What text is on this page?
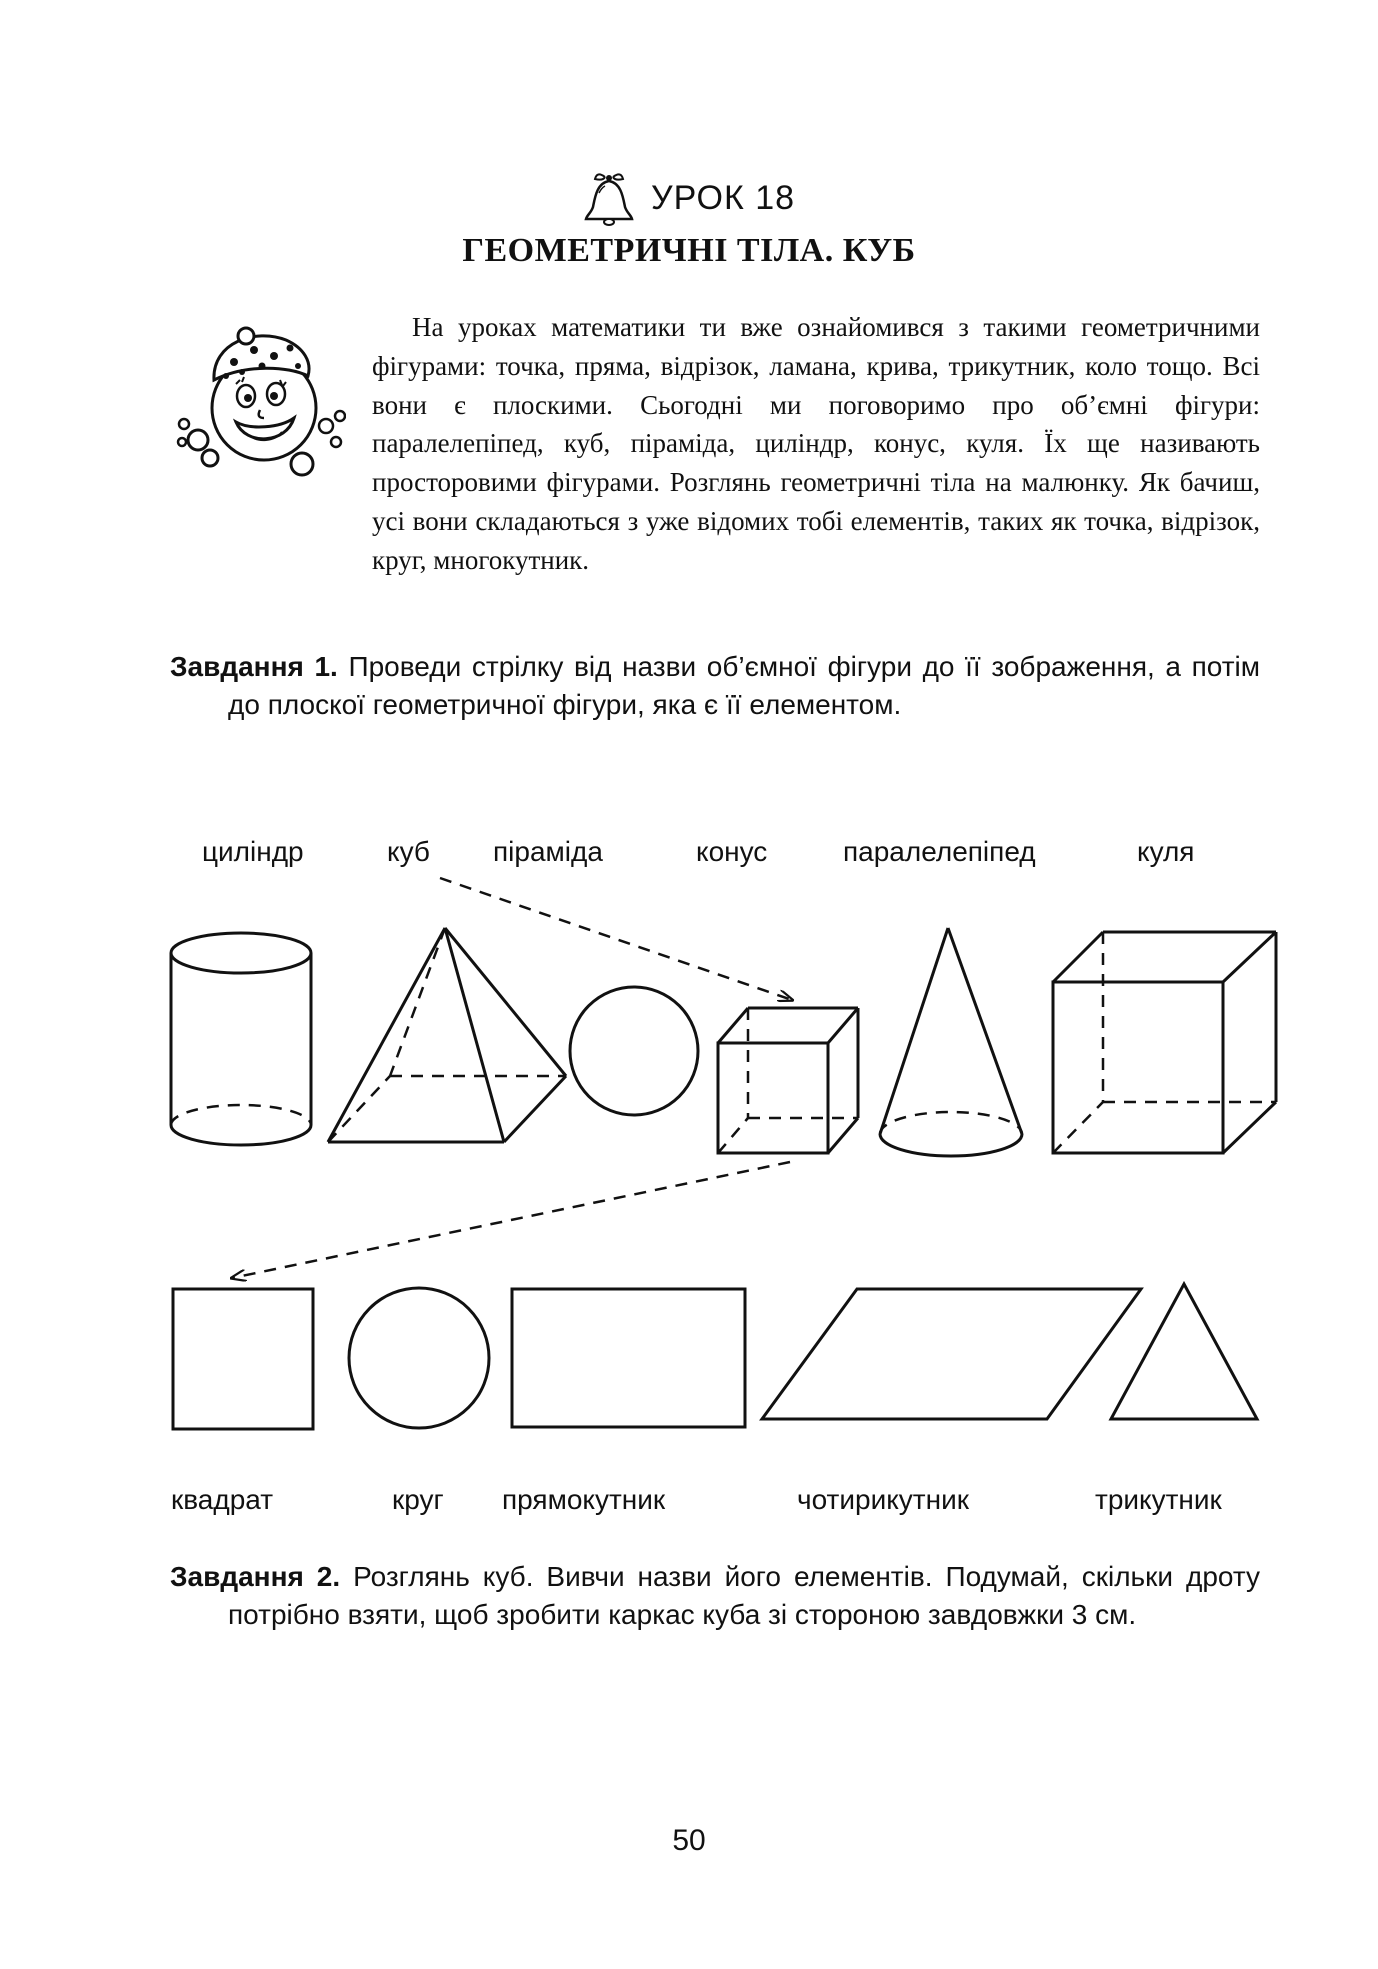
УРОК 18
ГЕОМЕТРИЧНІ ТІЛА. КУБ
На уроках математики ти вже ознайомився з такими геометричними фігурами: точка, пряма, відрізок, ламана, крива, трикутник, коло тощо. Всі вони є плоскими. Сьогодні ми поговоримо про об’ємні фігури: паралелепіпед, куб, піраміда, циліндр, конус, куля. Їх ще називають просторовими фігурами. Розглянь геометричні тіла на малюнку. Як бачиш, усі вони складаються з уже відомих тобі елементів, таких як точка, відрізок, круг, многокутник.
Завдання 1. Проведи стрілку від назви об’ємної фігури до її зображення, а потім до плоскої геометричної фігури, яка є її елементом.
циліндр	куб піраміда	конус	паралелепіпед	куля
квадрат	круг прямокутник	чотирикутник	трикутник
Завдання 2. Розглянь куб. Вивчи назви його елементів. Подумай, скільки дроту потрібно взяти, щоб зробити каркас куба зі стороною завдовжки 3 см.
50
